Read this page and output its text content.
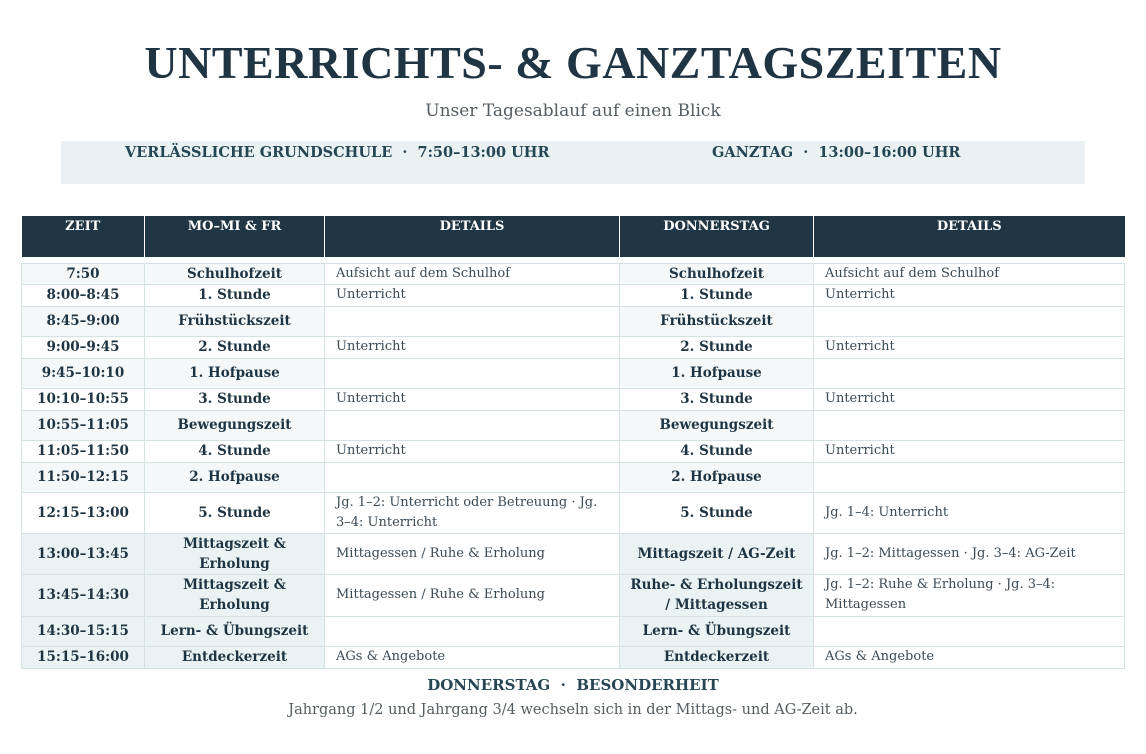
UNTERRICHTS- & GANZTAGSZEITEN
Unser Tagesablauf auf einen Blick
VERLÄSSLICHE GRUNDSCHULE  ·  7:50–13:00 UHR	GANZTAG  ·  13:00–16:00 UHR
ZEIT	MO–MI & FR	DETAILS	DONNERSTAG	DETAILS

7:50	Schulhofzeit	Aufsicht auf dem Schulhof	Schulhofzeit	Aufsicht auf dem Schulhof
8:00–8:45	1. Stunde	Unterricht	1. Stunde	Unterricht
8:45–9:00	Frühstückszeit		Frühstückszeit	
9:00–9:45	2. Stunde	Unterricht	2. Stunde	Unterricht
9:45–10:10	1. Hofpause		1. Hofpause	
10:10–10:55	3. Stunde	Unterricht	3. Stunde	Unterricht
10:55–11:05	Bewegungszeit		Bewegungszeit	
11:05–11:50	4. Stunde	Unterricht	4. Stunde	Unterricht
11:50–12:15	2. Hofpause		2. Hofpause	
12:15–13:00	5. Stunde	Jg. 1–2: Unterricht oder Betreuung · Jg. 3–4: Unterricht	5. Stunde	Jg. 1–4: Unterricht
13:00–13:45	Mittagszeit & Erholung	Mittagessen / Ruhe & Erholung	Mittagszeit / AG-Zeit	Jg. 1–2: Mittagessen · Jg. 3–4: AG-Zeit
13:45–14:30	Mittagszeit & Erholung	Mittagessen / Ruhe & Erholung	Ruhe- & Erholungszeit / Mittagessen	Jg. 1–2: Ruhe & Erholung · Jg. 3–4: Mittagessen
14:30–15:15	Lern- & Übungszeit		Lern- & Übungszeit	
15:15–16:00	Entdeckerzeit	AGs & Angebote	Entdeckerzeit	AGs & Angebote
DONNERSTAG  ·  BESONDERHEIT
Jahrgang 1/2 und Jahrgang 3/4 wechseln sich in der Mittags- und AG-Zeit ab.
